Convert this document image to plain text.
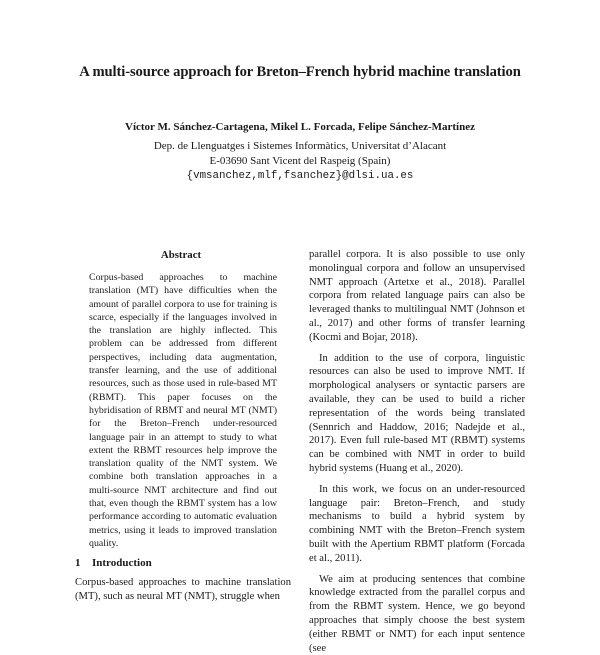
A multi-source approach for Breton–French hybrid machine translation
Víctor M. Sánchez-Cartagena, Mikel L. Forcada, Felipe Sánchez-Martínez
Dep. de Llenguatges i Sistemes Informàtics, Universitat d’Alacant
E-03690 Sant Vicent del Raspeig (Spain)
{vmsanchez,mlf,fsanchez}@dlsi.ua.es
Abstract

Corpus-based approaches to machine translation (MT) have difficulties when the amount of parallel corpora to use for training is scarce, especially if the languages involved in the translation are highly inflected. This problem can be addressed from different perspectives, including data augmentation, transfer learning, and the use of additional resources, such as those used in rule-based MT (RBMT). This paper focuses on the hybridisation of RBMT and neural MT (NMT) for the Breton–French under-resourced language pair in an attempt to study to what extent the RBMT resources help improve the translation quality of the NMT system. We combine both translation approaches in a multi-source NMT architecture and find out that, even though the RBMT system has a low performance according to automatic evaluation metrics, using it leads to improved translation quality.

1 Introduction

Corpus-based approaches to machine translation (MT), such as neural MT (NMT), struggle when

parallel corpora. It is also possible to use only monolingual corpora and follow an unsupervised NMT approach (Artetxe et al., 2018). Parallel corpora from related language pairs can also be leveraged thanks to multilingual NMT (Johnson et al., 2017) and other forms of transfer learning (Kocmi and Bojar, 2018).

In addition to the use of corpora, linguistic resources can also be used to improve NMT. If morphological analysers or syntactic parsers are available, they can be used to build a richer representation of the words being translated (Sennrich and Haddow, 2016; Nadejde et al., 2017). Even full rule-based MT (RBMT) systems can be combined with NMT in order to build hybrid systems (Huang et al., 2020).

In this work, we focus on an under-resourced language pair: Breton–French, and study mechanisms to build a hybrid system by combining NMT with the Breton–French system built with the Apertium RBMT platform (Forcada et al., 2011).

We aim at producing sentences that combine knowledge extracted from the parallel corpus and from the RBMT system. Hence, we go beyond approaches that simply choose the best system (either RBMT or NMT) for each input sentence (see
